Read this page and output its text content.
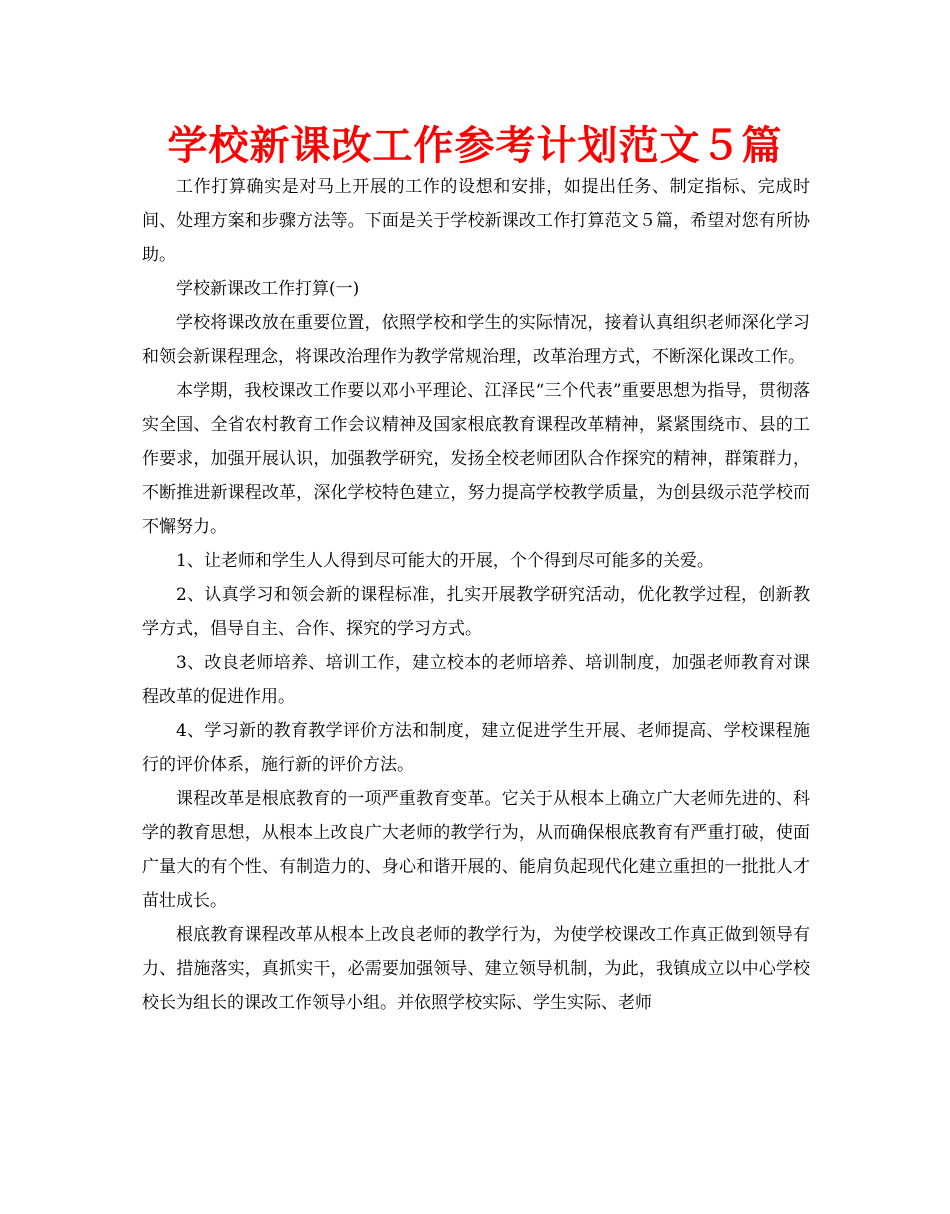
学校新课改工作参考计划范文５篇

工作打算确实是对马上开展的工作的设想和安排，如提出任务、制定指标、完成时间、处理方案和步骤方法等。下面是关于学校新课改工作打算范文５篇，希望对您有所协助。

学校新课改工作打算(一)

学校将课改放在重要位置，依照学校和学生的实际情况，接着认真组织老师深化学习和领会新课程理念，将课改治理作为教学常规治理，改革治理方式，不断深化课改工作。

本学期，我校课改工作要以邓小平理论、江泽民“三个代表”重要思想为指导，贯彻落实全国、全省农村教育工作会议精神及国家根底教育课程改革精神，紧紧围绕市、县的工作要求，加强开展认识，加强教学研究，发扬全校老师团队合作探究的精神，群策群力，不断推进新课程改革，深化学校特色建立，努力提高学校教学质量，为创县级示范学校而不懈努力。

1、让老师和学生人人得到尽可能大的开展，个个得到尽可能多的关爱。

2、认真学习和领会新的课程标准，扎实开展教学研究活动，优化教学过程，创新教学方式，倡导自主、合作、探究的学习方式。

3、改良老师培养、培训工作，建立校本的老师培养、培训制度，加强老师教育对课程改革的促进作用。

4、学习新的教育教学评价方法和制度，建立促进学生开展、老师提高、学校课程施行的评价体系，施行新的评价方法。

课程改革是根底教育的一项严重教育变革。它关于从根本上确立广大老师先进的、科学的教育思想，从根本上改良广大老师的教学行为，从而确保根底教育有严重打破，使面广量大的有个性、有制造力的、身心和谐开展的、能肩负起现代化建立重担的一批批人才苗壮成长。

根底教育课程改革从根本上改良老师的教学行为，为使学校课改工作真正做到领导有力、措施落实，真抓实干，必需要加强领导、建立领导机制，为此，我镇成立以中心学校校长为组长的课改工作领导小组。并依照学校实际、学生实际、老师
